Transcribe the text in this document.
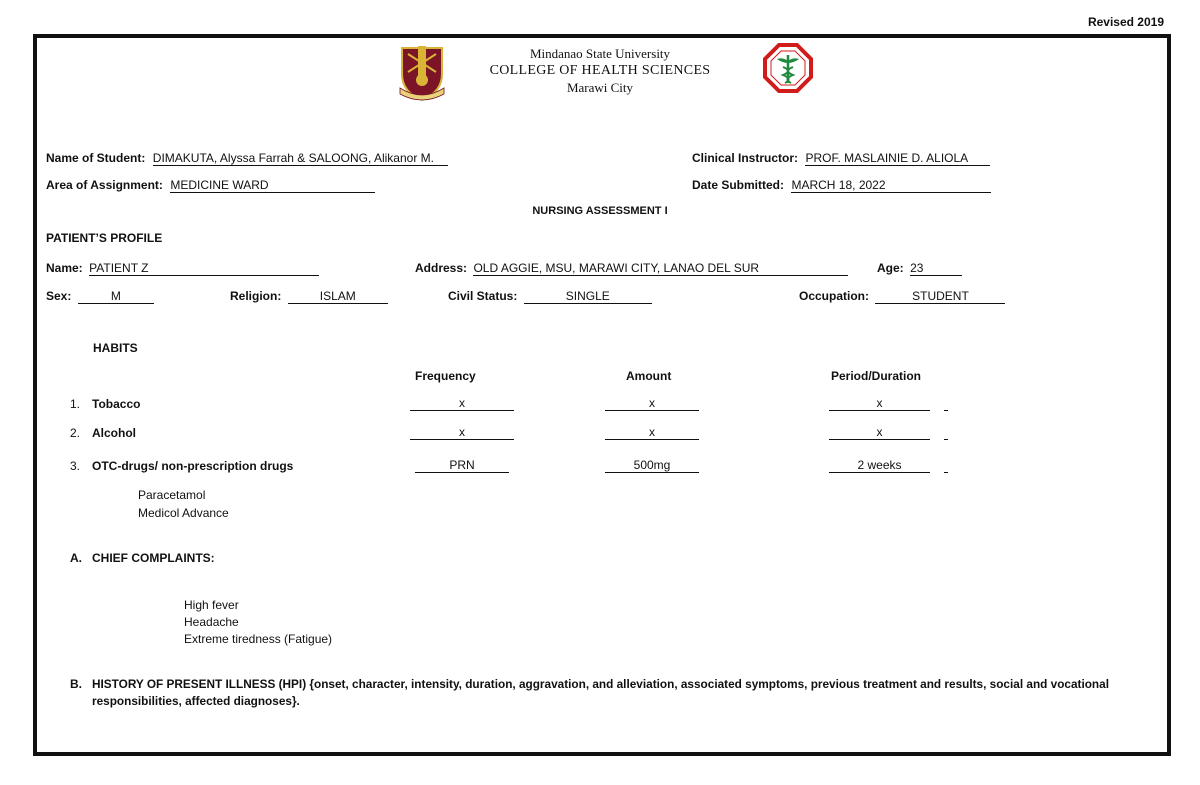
Revised 2019
Mindanao State University
COLLEGE OF HEALTH SCIENCES
Marawi City
Name of Student: DIMAKUTA, Alyssa Farrah & SALOONG, Alikanor M.	Clinical Instructor: PROF. MASLAINIE D. ALIOLA
Area of Assignment: MEDICINE WARD	Date Submitted: MARCH 18, 2022
NURSING ASSESSMENT I
PATIENT’S PROFILE
Name: PATIENT Z	Address: OLD AGGIE, MSU, MARAWI CITY, LANAO DEL SUR	Age: 23
Sex:	M	Religion:	ISLAM	Civil Status:	SINGLE	Occupation:	STUDENT
HABITS
Frequency	Amount	Period/Duration
1. Tobacco	x	x	x
2. Alcohol	x	x	x
3. OTC-drugs/ non-prescription drugs	PRN	500mg	2 weeks
Paracetamol
Medicol Advance
A. CHIEF COMPLAINTS:
High fever
Headache
Extreme tiredness (Fatigue)
B. HISTORY OF PRESENT ILLNESS (HPI) {onset, character, intensity, duration, aggravation, and alleviation, associated symptoms, previous treatment and results, social and vocational
responsibilities, affected diagnoses}.
